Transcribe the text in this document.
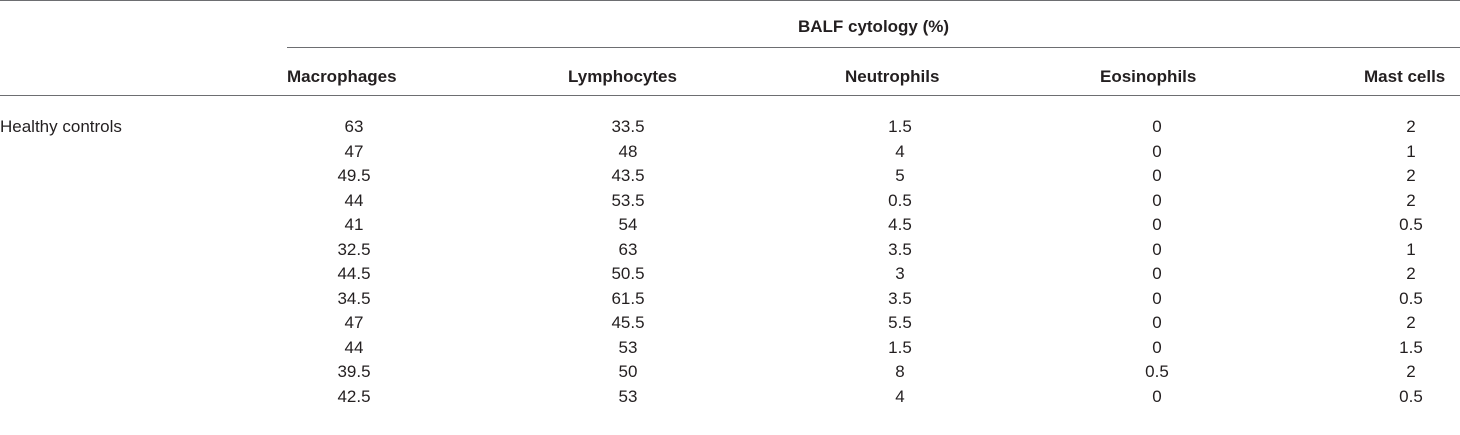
BALF cytology (%)
Macrophages	Lymphocytes	Neutrophils	Eosinophils	Mast cells
Healthy controls	63	33.5	1.5	0	2
47	48	4	0	1
49.5	43.5	5	0	2
44	53.5	0.5	0	2
41	54	4.5	0	0.5
32.5	63	3.5	0	1
44.5	50.5	3	0	2
34.5	61.5	3.5	0	0.5
47	45.5	5.5	0	2
44	53	1.5	0	1.5
39.5	50	8	0.5	2
42.5	53	4	0	0.5
